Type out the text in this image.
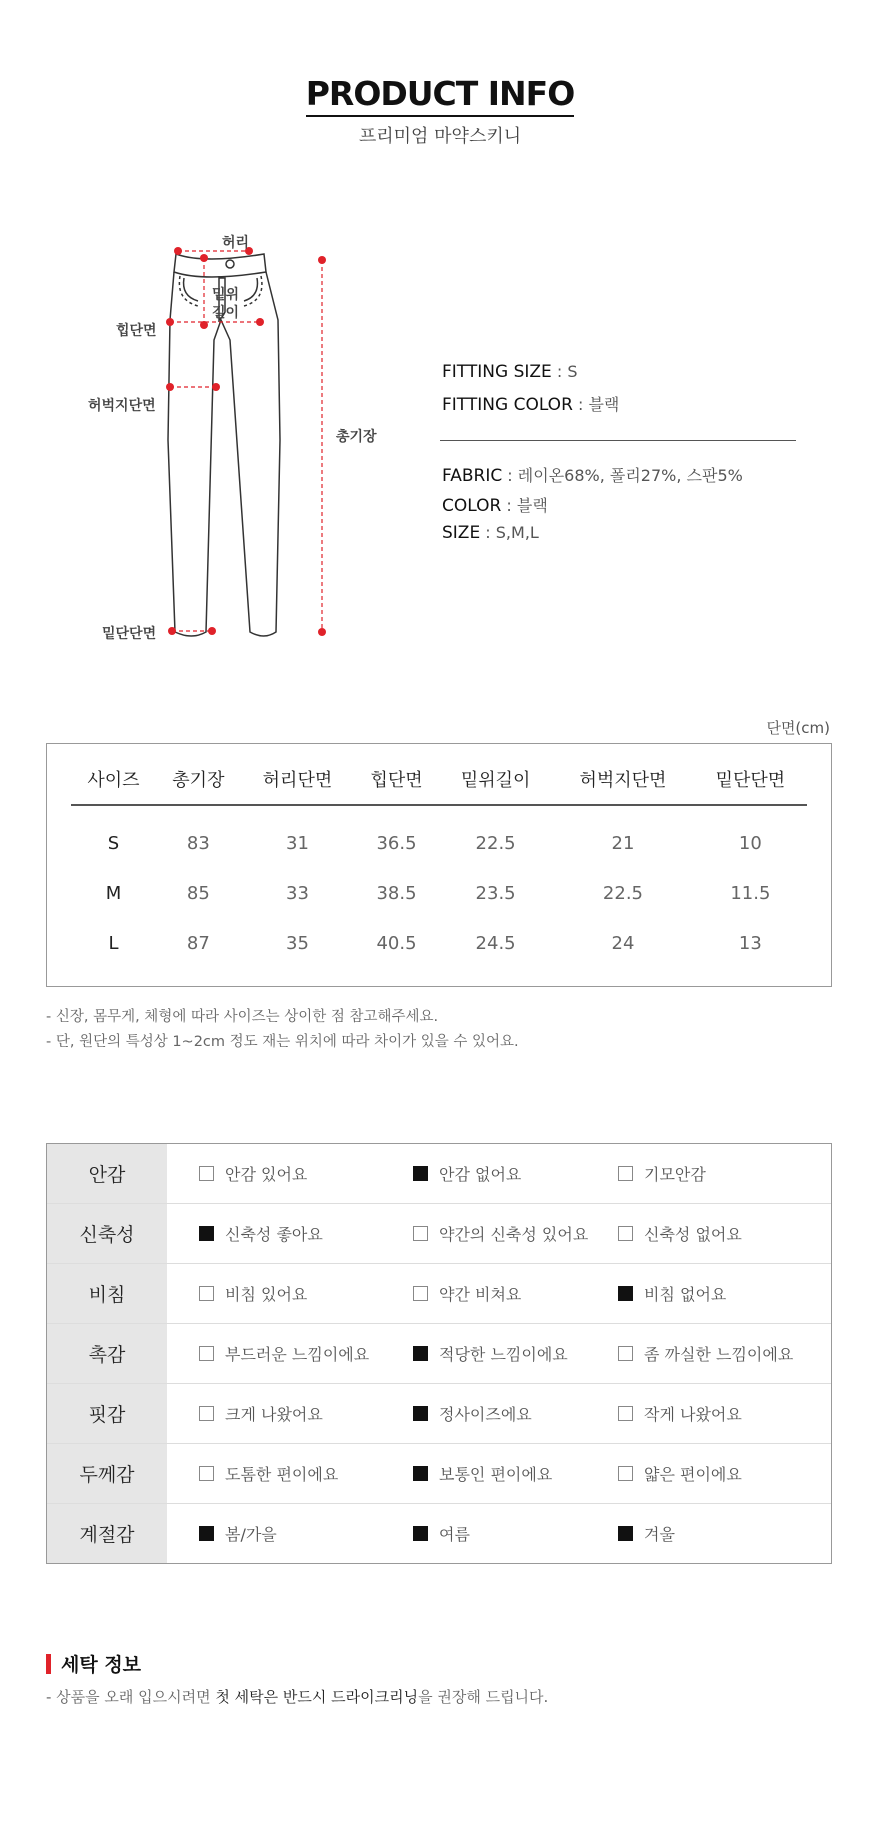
PRODUCT INFO
프리미엄 마약스키니
허리
밑위
길이
힙단면
허벅지단면
밑단단면
총기장
FITTING SIZE : S
FITTING COLOR : 블랙
FABRIC : 레이온68%, 폴리27%, 스판5%
COLOR : 블랙
SIZE : S,M,L
단면(cm)
사이즈	총기장	허리단면	힙단면	밑위길이	허벅지단면	밑단단면

S	83	31	36.5	22.5	21	10
M	85	33	38.5	23.5	22.5	11.5
L	87	35	40.5	24.5	24	13
- 신장, 몸무게, 체형에 따라 사이즈는 상이한 점 참고해주세요.
- 단, 원단의 특성상 1~2cm 정도 재는 위치에 따라 차이가 있을 수 있어요.
안감	안감 있어요	안감 없어요	기모안감
신축성	신축성 좋아요	약간의 신축성 있어요	신축성 없어요
비침	비침 있어요	약간 비쳐요	비침 없어요
촉감	부드러운 느낌이에요	적당한 느낌이에요	좀 까실한 느낌이에요
핏감	크게 나왔어요	정사이즈에요	작게 나왔어요
두께감	도톰한 편이에요	보통인 편이에요	얇은 편이에요
계절감	봄/가을	여름	겨울
세탁 정보
- 상품을 오래 입으시려면 첫 세탁은 반드시 드라이크리닝을 권장해 드립니다.
